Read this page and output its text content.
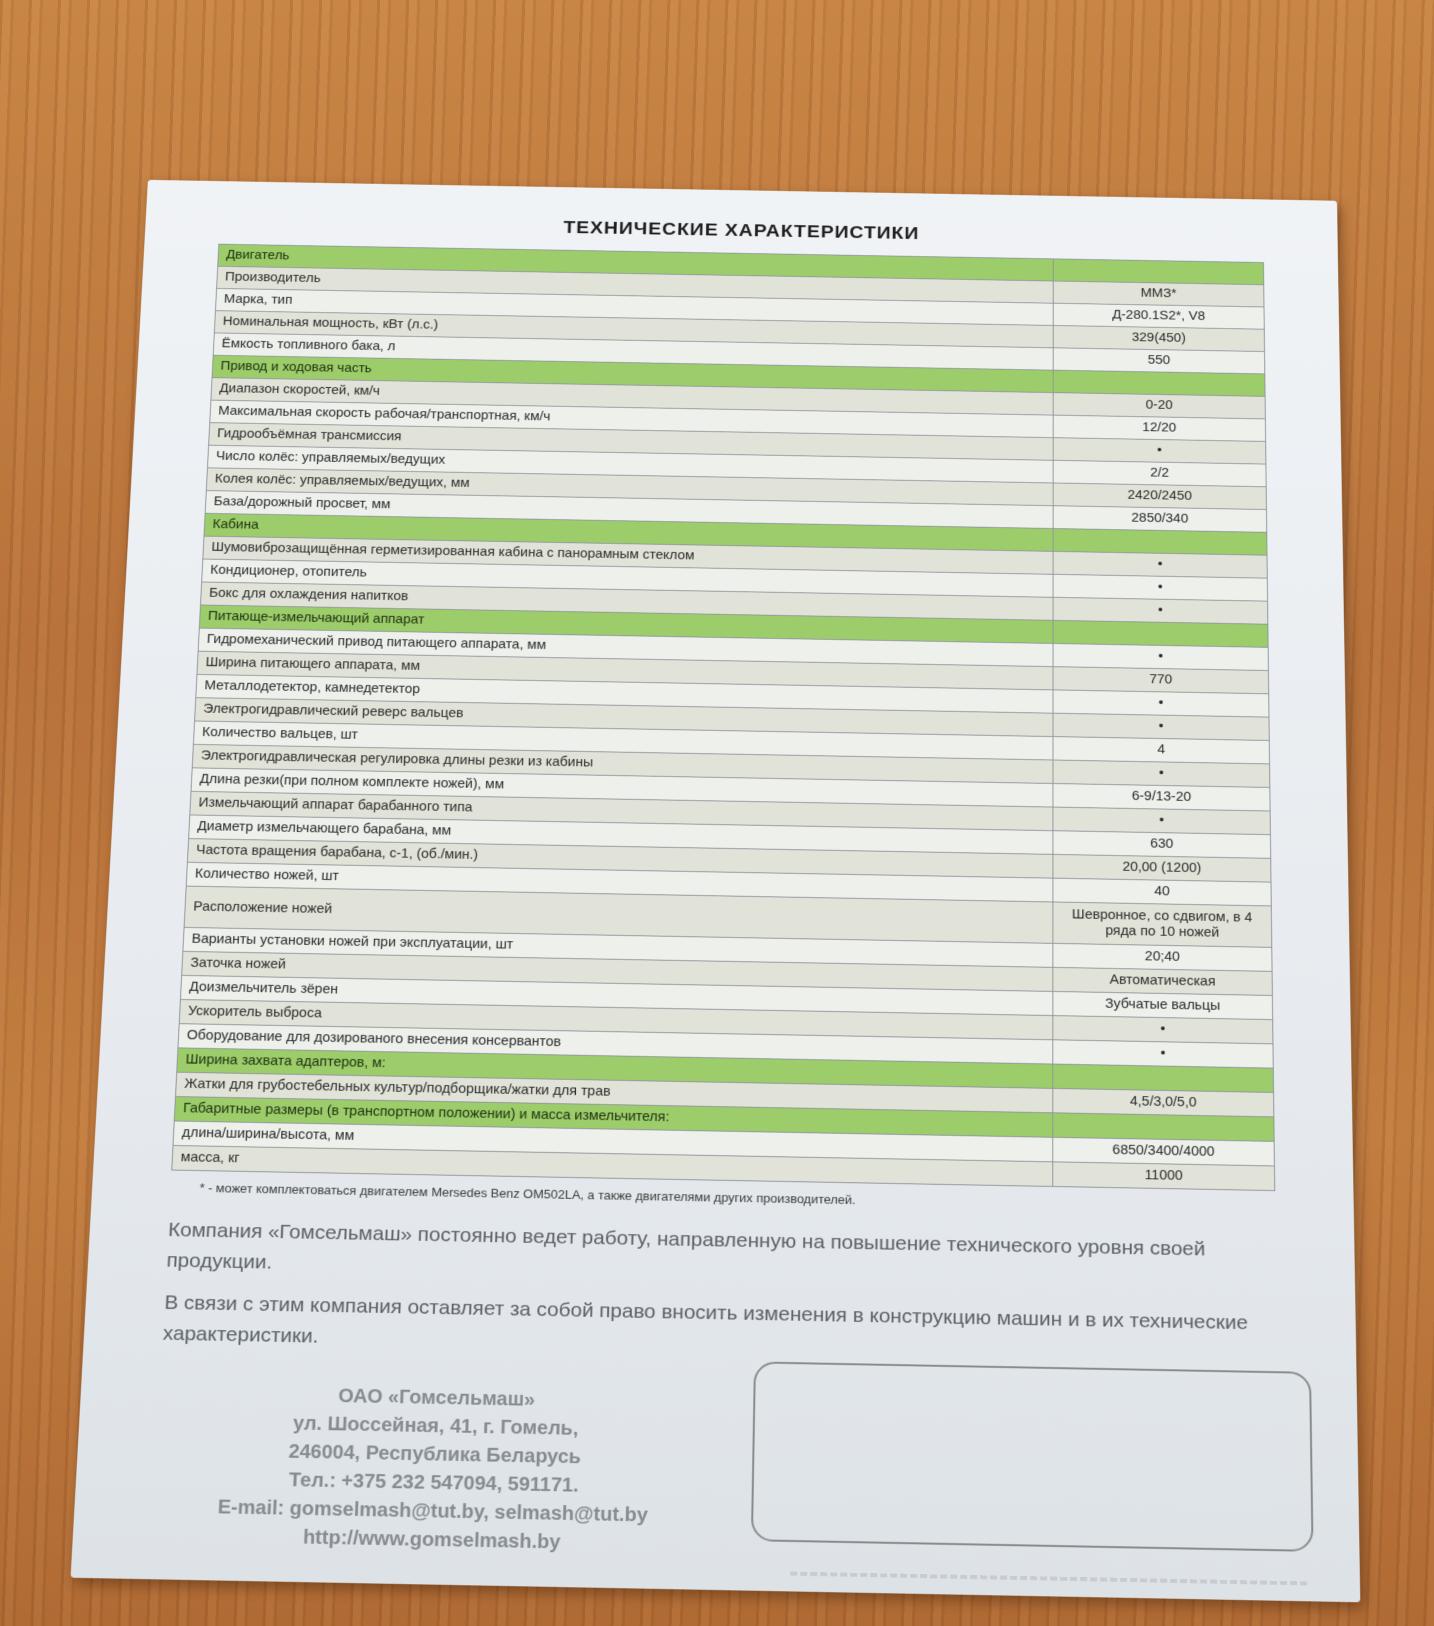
ТЕХНИЧЕСКИЕ ХАРАКТЕРИСТИКИ
Двигатель	
Производитель	ММЗ*
Марка, тип	Д-280.1S2*, V8
Номинальная мощность, кВт (л.с.)	329(450)
Ёмкость топливного бака, л	550
Привод и ходовая часть	
Диапазон скоростей, км/ч	0-20
Максимальная скорость рабочая/транспортная, км/ч	12/20
Гидрообъёмная трансмиссия	•
Число колёс: управляемых/ведущих	2/2
Колея колёс: управляемых/ведущих, мм	2420/2450
База/дорожный просвет, мм	2850/340
Кабина	
Шумовиброзащищённая герметизированная кабина с панорамным стеклом	•
Кондиционер, отопитель	•
Бокс для охлаждения напитков	•
Питающе-измельчающий аппарат	
Гидромеханический привод питающего аппарата, мм	•
Ширина питающего аппарата, мм	770
Металлодетектор, камнедетектор	•
Электрогидравлический реверс вальцев	•
Количество вальцев, шт	4
Электрогидравлическая регулировка длины резки из кабины	•
Длина резки(при полном комплекте ножей), мм	6-9/13-20
Измельчающий аппарат барабанного типа	•
Диаметр измельчающего барабана, мм	630
Частота вращения барабана, с-1, (об./мин.)	20,00 (1200)
Количество ножей, шт	40
Расположение ножей	Шевронное, со сдвигом, в 4 ряда по 10 ножей
Варианты установки ножей при эксплуатации, шт	20;40
Заточка ножей	Автоматическая
Доизмельчитель зёрен	Зубчатые вальцы
Ускоритель выброса	•
Оборудование для дозированого внесения консервантов	•
Ширина захвата адаптеров, м:	
Жатки для грубостебельных культур/подборщика/жатки для трав	4,5/3,0/5,0
Габаритные размеры (в транспортном положении) и масса измельчителя:	
длина/ширина/высота, мм	6850/3400/4000
масса, кг	11000
* - может комплектоваться двигателем Mersedes Benz OM502LA, а также двигателями других производителей.

Компания «Гомсельмаш» постоянно ведет работу, направленную на повышение технического уровня своей продукции.

В связи с этим компания оставляет за собой право вносить изменения в конструкцию машин и в их технические характеристики.

ОАО «Гомсельмаш»
ул. Шоссейная, 41, г. Гомель,
246004, Республика Беларусь
Тел.: +375 232 547094, 591171.
E-mail: gomselmash@tut.by, selmash@tut.by
http://www.gomselmash.by
